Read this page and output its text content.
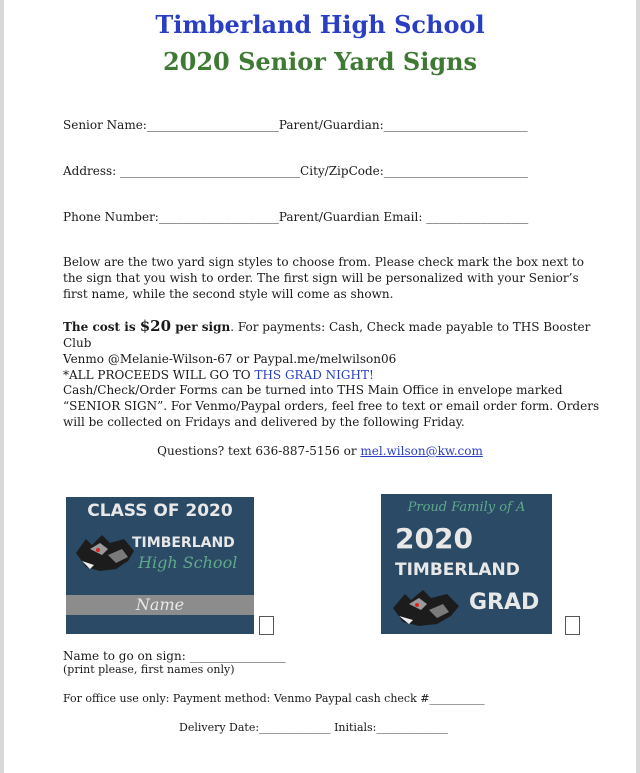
Timberland High School
2020 Senior Yard Signs
Senior Name:______________________Parent/Guardian:________________________
Address: ______________________________City/ZipCode:________________________
Phone Number:____________________Parent/Guardian Email: _________________
Below are the two yard sign styles to choose from. Please check mark the box next to the sign that you wish to order. The first sign will be personalized with your Senior’s first name, while the second style will come as shown.
The cost is $20 per sign. For payments: Cash, Check made payable to THS Booster Club
Venmo @Melanie-Wilson-67 or Paypal.me/melwilson06
*ALL PROCEEDS WILL GO TO THS GRAD NIGHT!
Cash/Check/Order Forms can be turned into THS Main Office in envelope marked “SENIOR SIGN”. For Venmo/Paypal orders, feel free to text or email order form. Orders will be collected on Fridays and delivered by the following Friday.
Questions? text 636-887-5156 or mel.wilson@kw.com
CLASS OF 2020
TIMBERLAND
High School
Name
Proud Family of A
2020
TIMBERLAND
GRAD
Name to go on sign: ________________
(print please, first names only)
For office use only: Payment method: Venmo Paypal cash check #__________
Delivery Date:_____________ Initials:_____________
